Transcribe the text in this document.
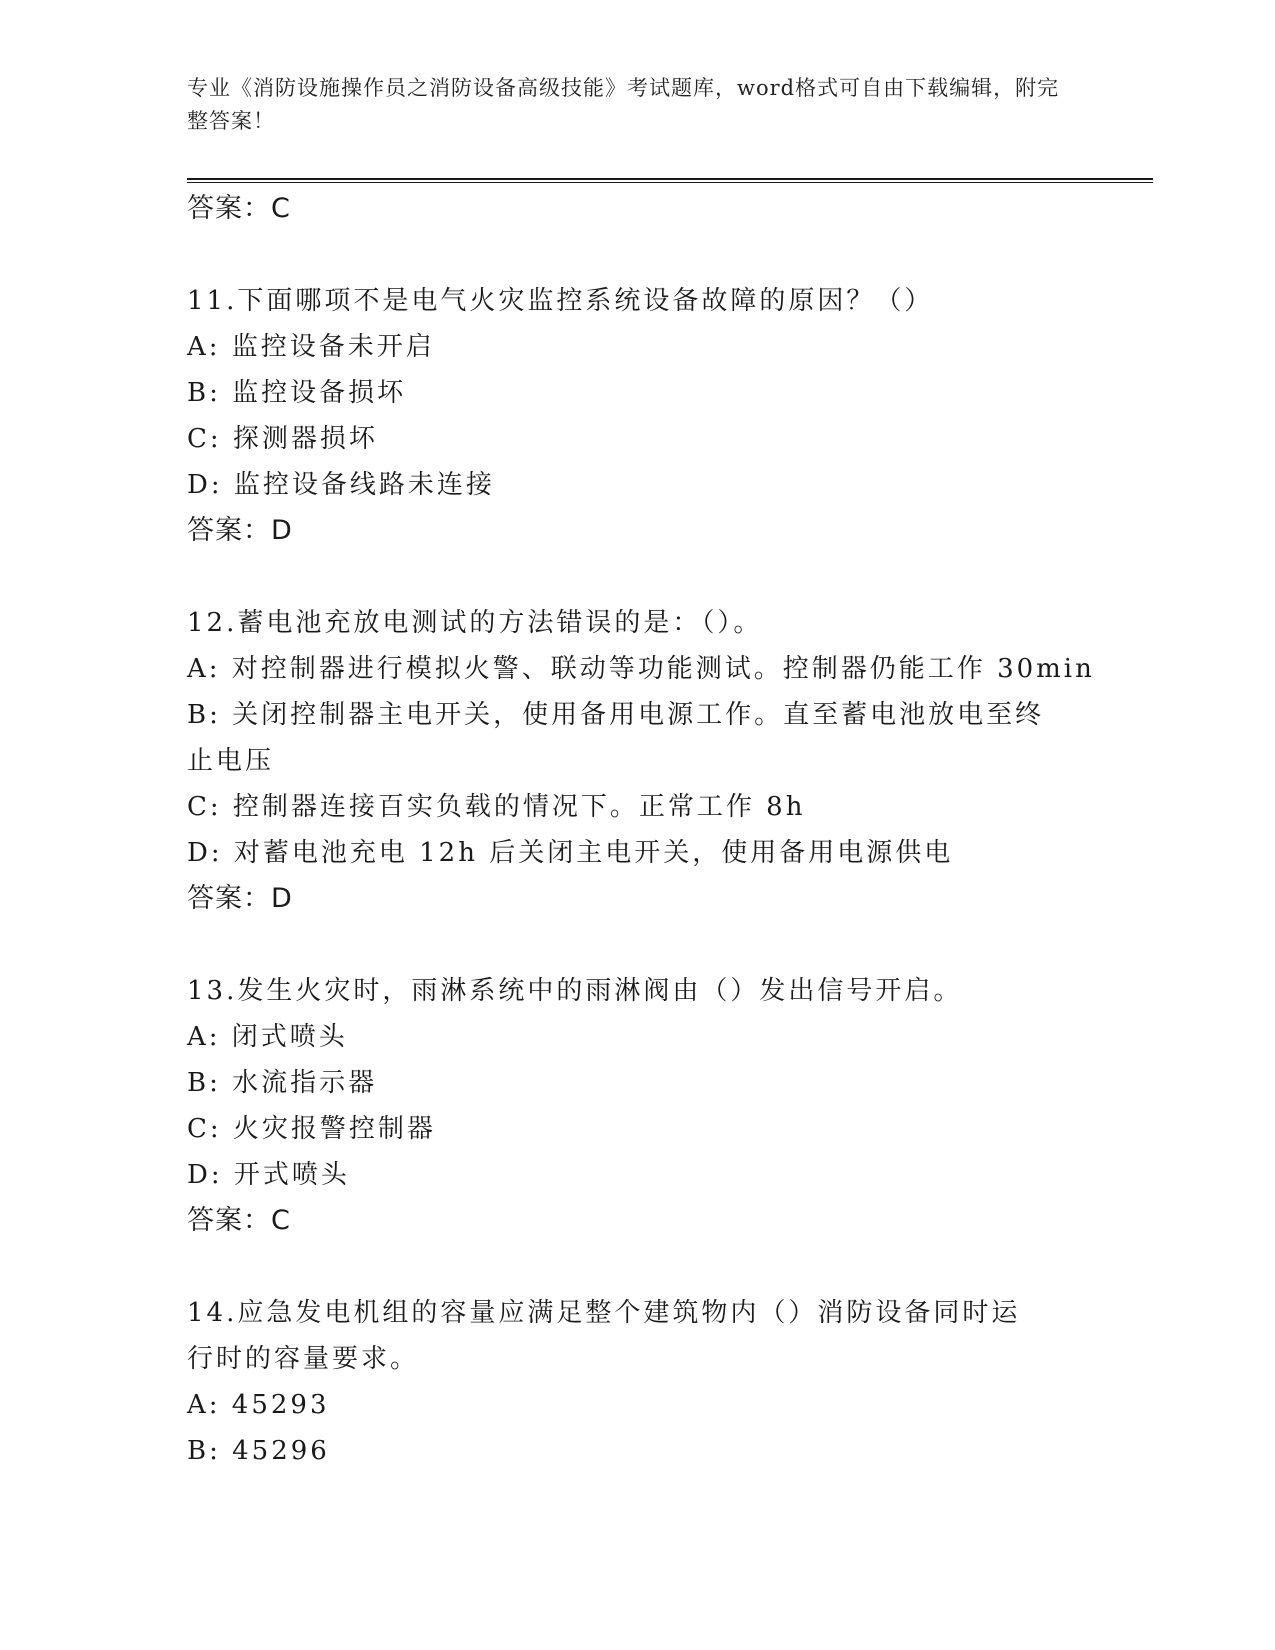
专业《消防设施操作员之消防设备高级技能》考试题库，word格式可自由下载编辑，附完整答案！
答案：C
11.下面哪项不是电气火灾监控系统设备故障的原因？（）
A: 监控设备未开启
B: 监控设备损坏
C: 探测器损坏
D: 监控设备线路未连接
答案：D
12.蓄电池充放电测试的方法错误的是：（）。
A: 对控制器进行模拟火警、联动等功能测试。控制器仍能工作 30min
B: 关闭控制器主电开关，使用备用电源工作。直至蓄电池放电至终止电压
C: 控制器连接百实负载的情况下。正常工作 8h
D: 对蓄电池充电 12h 后关闭主电开关，使用备用电源供电
答案：D
13.发生火灾时，雨淋系统中的雨淋阀由（）发出信号开启。
A: 闭式喷头
B: 水流指示器
C: 火灾报警控制器
D: 开式喷头
答案：C
14.应急发电机组的容量应满足整个建筑物内（）消防设备同时运行时的容量要求。
A: 45293
B: 45296
